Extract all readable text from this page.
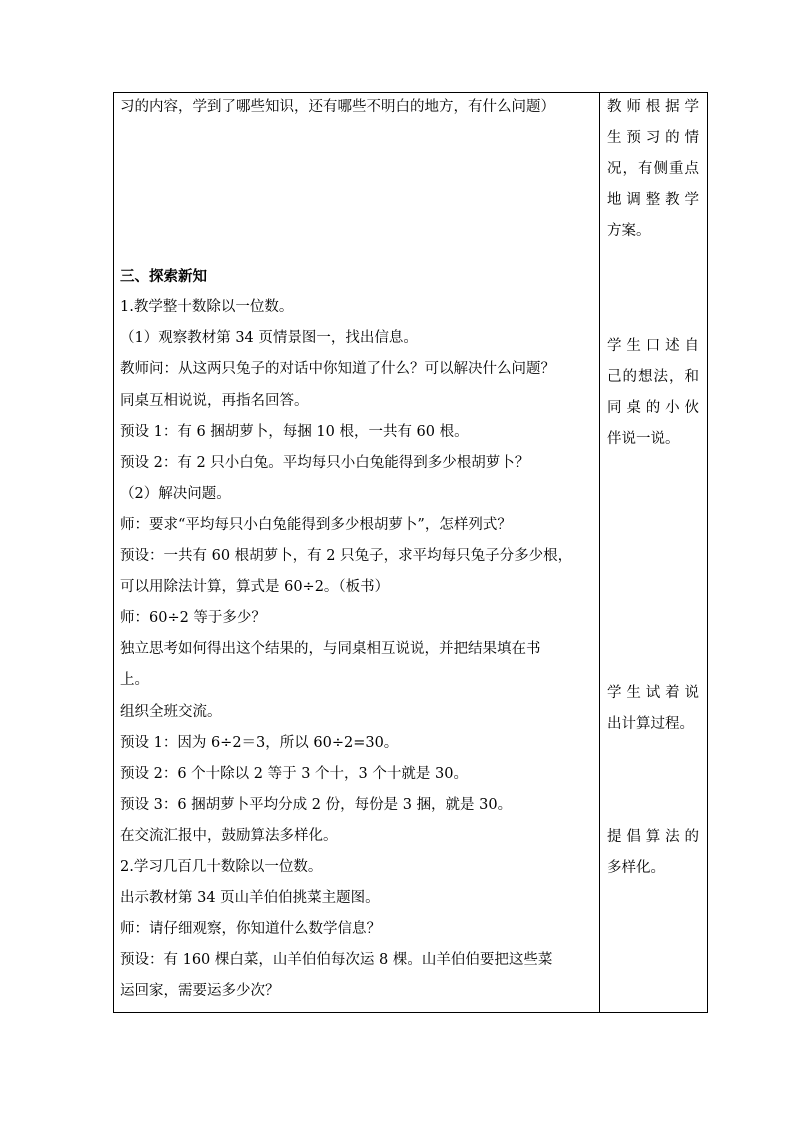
习的内容，学到了哪些知识，还有哪些不明白的地方，有什么问题）
三、探索新知
1.教学整十数除以一位数。
（1）观察教材第 34 页情景图一，找出信息。
教师问：从这两只兔子的对话中你知道了什么？可以解决什么问题？
同桌互相说说，再指名回答。
预设 1：有 6 捆胡萝卜，每捆 10 根，一共有 60 根。
预设 2：有 2 只小白兔。平均每只小白兔能得到多少根胡萝卜？
（2）解决问题。
师：要求“平均每只小白兔能得到多少根胡萝卜”，怎样列式？
预设：一共有 60 根胡萝卜，有 2 只兔子，求平均每只兔子分多少根，
可以用除法计算，算式是 60÷2。（板书）
师：60÷2 等于多少？
独立思考如何得出这个结果的，与同桌相互说说，并把结果填在书
上。
组织全班交流。
预设 1：因为 6÷2＝3，所以 60÷2=30。
预设 2：6 个十除以 2 等于 3 个十，3 个十就是 30。
预设 3：6 捆胡萝卜平均分成 2 份，每份是 3 捆，就是 30。
在交流汇报中，鼓励算法多样化。
2.学习几百几十数除以一位数。
出示教材第 34 页山羊伯伯挑菜主题图。
师：请仔细观察，你知道什么数学信息？
预设：有 160 棵白菜，山羊伯伯每次运 8 棵。山羊伯伯要把这些菜
运回家，需要运多少次？
教师根据学
生预习的情
况，有侧重点
地调整教学
方案。
学生口述自
己的想法，和
同桌的小伙
伴说一说。
学生试着说
出计算过程。
提倡算法的
多样化。
